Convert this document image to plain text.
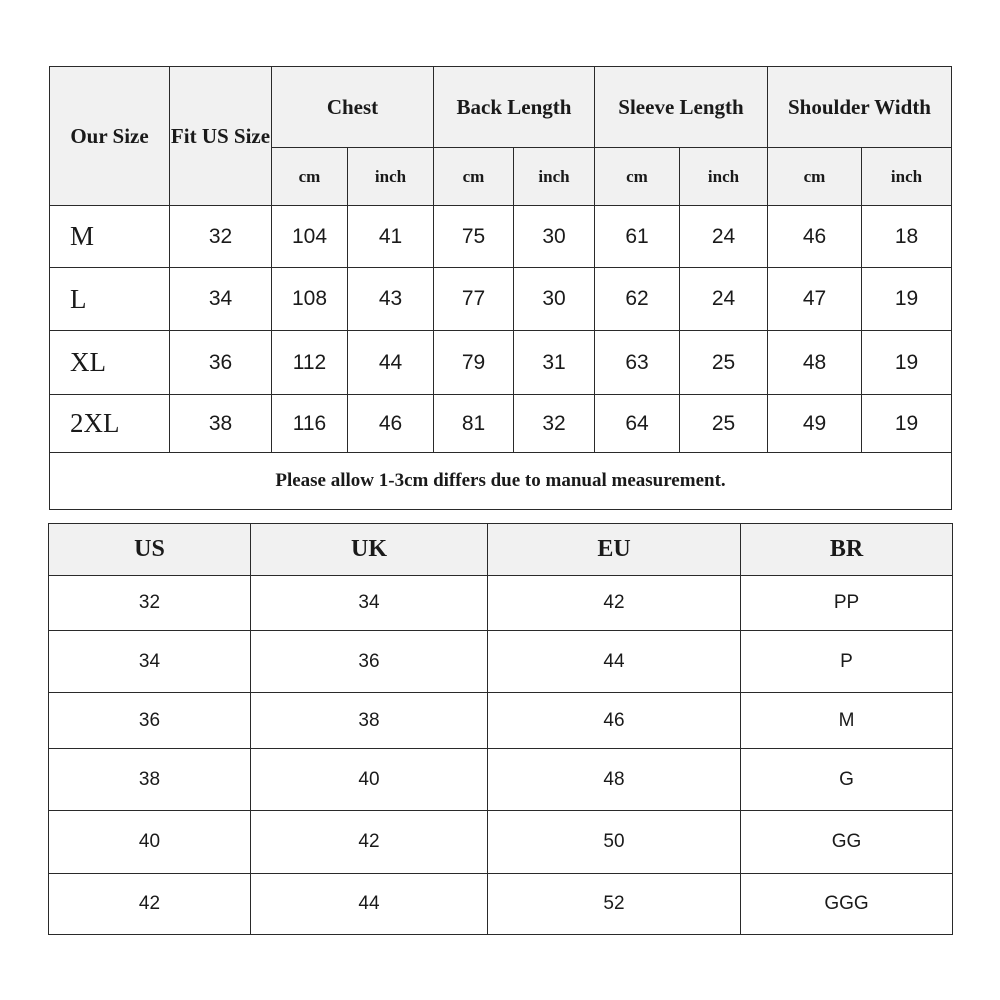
Our Size	Fit US Size	Chest		Back Length		Sleeve Length		Shoulder Width	
		cm	inch	cm	inch	cm	inch	cm	inch
M	32	104	41	75	30	61	24	46	18
L	34	108	43	77	30	62	24	47	19
XL	36	112	44	79	31	63	25	48	19
2XL	38	116	46	81	32	64	25	49	19
Please allow 1-3cm differs due to manual measurement.									
US	UK	EU	BR
32	34	42	PP
34	36	44	P
36	38	46	M
38	40	48	G
40	42	50	GG
42	44	52	GGG
